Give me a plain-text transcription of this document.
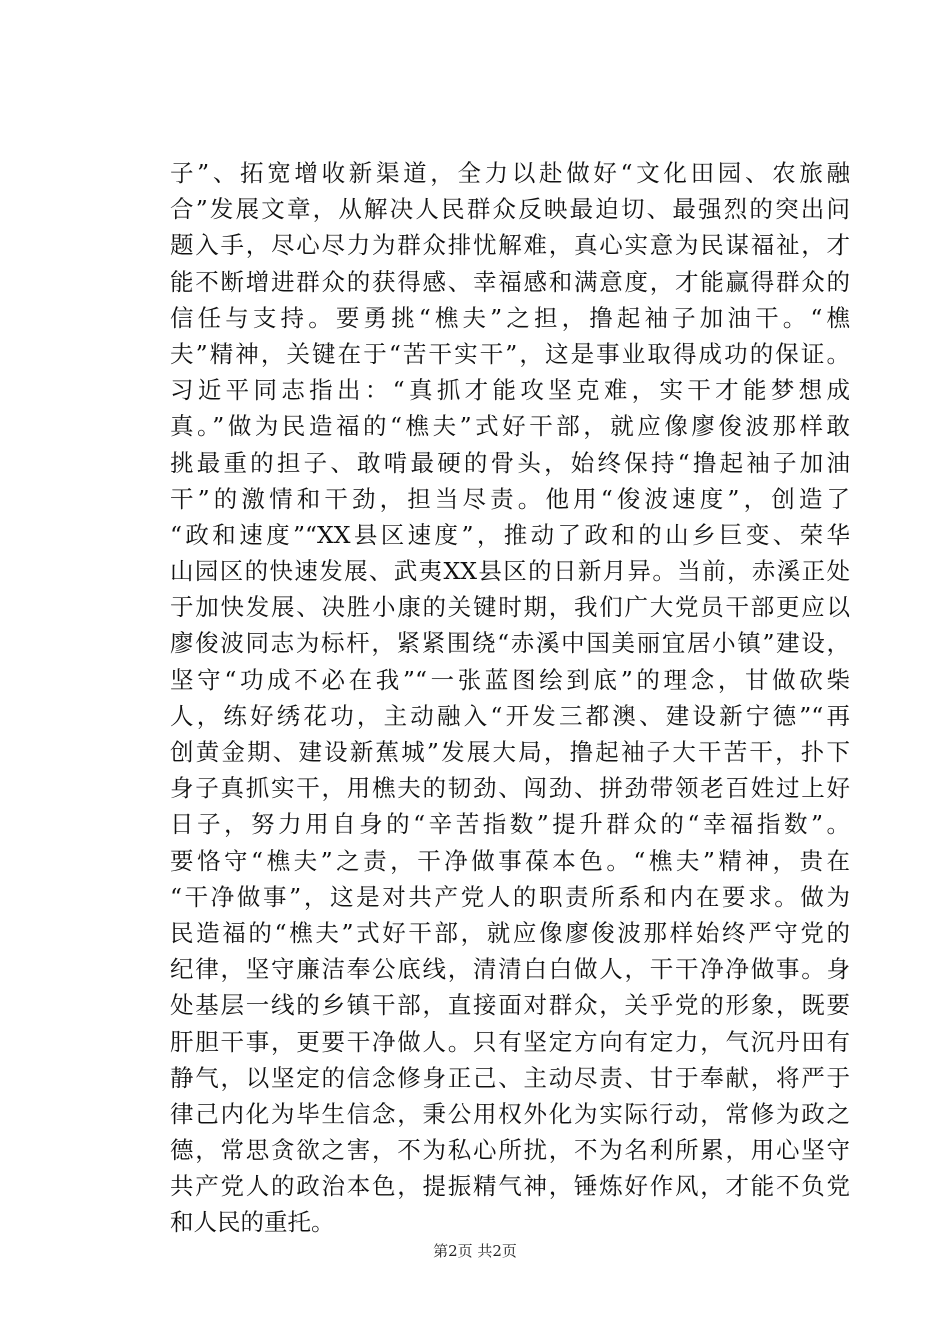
子”、拓宽增收新渠道，全力以赴做好“文化田园、农旅融
合”发展文章，从解决人民群众反映最迫切、最强烈的突出问
题入手，尽心尽力为群众排忧解难，真心实意为民谋福祉，才
能不断增进群众的获得感、幸福感和满意度，才能赢得群众的
信任与支持。要勇挑“樵夫”之担，撸起袖子加油干。“樵
夫”精神，关键在于“苦干实干”，这是事业取得成功的保证。
习近平同志指出：“真抓才能攻坚克难，实干才能梦想成
真。”做为民造福的“樵夫”式好干部，就应像廖俊波那样敢
挑最重的担子、敢啃最硬的骨头，始终保持“撸起袖子加油
干”的激情和干劲，担当尽责。他用“俊波速度”，创造了
“政和速度”“XX县区速度”，推动了政和的山乡巨变、荣华
山园区的快速发展、武夷XX县区的日新月异。当前，赤溪正处
于加快发展、决胜小康的关键时期，我们广大党员干部更应以
廖俊波同志为标杆，紧紧围绕“赤溪中国美丽宜居小镇”建设，
坚守“功成不必在我”“一张蓝图绘到底”的理念，甘做砍柴
人，练好绣花功，主动融入“开发三都澳、建设新宁德”“再
创黄金期、建设新蕉城”发展大局，撸起袖子大干苦干，扑下
身子真抓实干，用樵夫的韧劲、闯劲、拼劲带领老百姓过上好
日子，努力用自身的“辛苦指数”提升群众的“幸福指数”。
要恪守“樵夫”之责，干净做事葆本色。“樵夫”精神，贵在
“干净做事”，这是对共产党人的职责所系和内在要求。做为
民造福的“樵夫”式好干部，就应像廖俊波那样始终严守党的
纪律，坚守廉洁奉公底线，清清白白做人，干干净净做事。身
处基层一线的乡镇干部，直接面对群众，关乎党的形象，既要
肝胆干事，更要干净做人。只有坚定方向有定力，气沉丹田有
静气，以坚定的信念修身正己、主动尽责、甘于奉献，将严于
律己内化为毕生信念，秉公用权外化为实际行动，常修为政之
德，常思贪欲之害，不为私心所扰，不为名利所累，用心坚守
共产党人的政治本色，提振精气神，锤炼好作风，才能不负党
和人民的重托。
第2页 共2页
